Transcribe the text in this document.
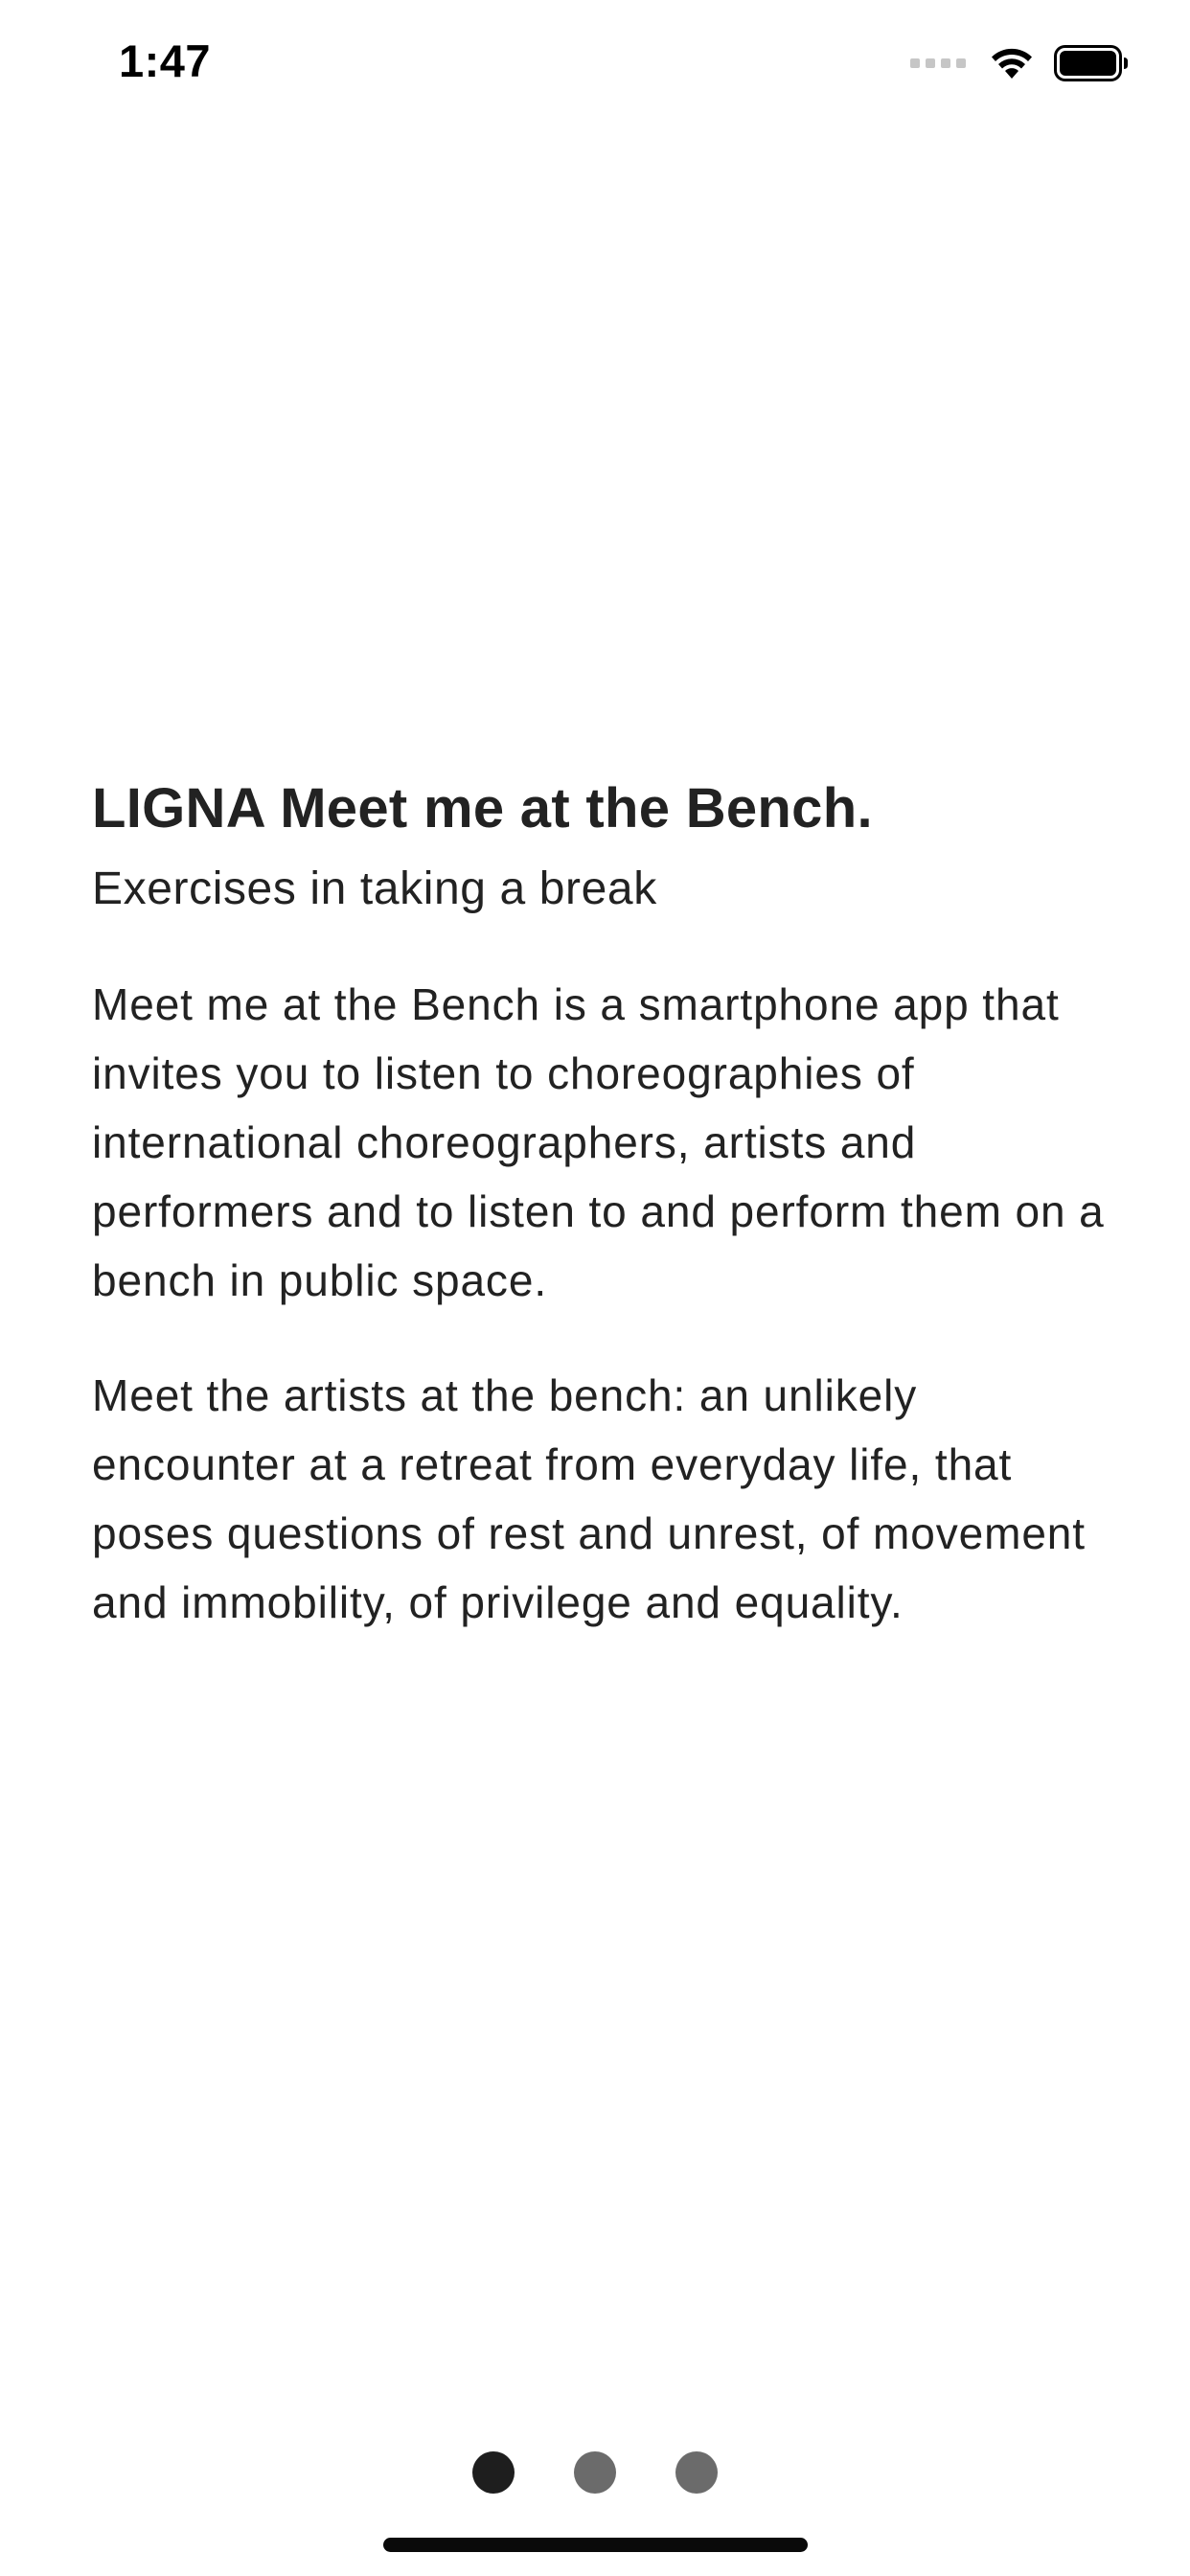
1:47
LIGNA Meet me at the Bench.

Exercises in taking a break

Meet me at the Bench is a smartphone app that invites you to listen to choreographies of international choreographers, artists and performers and to listen to and perform them on a bench in public space.

Meet the artists at the bench: an unlikely encounter at a retreat from everyday life, that poses questions of rest and unrest, of movement and immobility, of privilege and equality.
